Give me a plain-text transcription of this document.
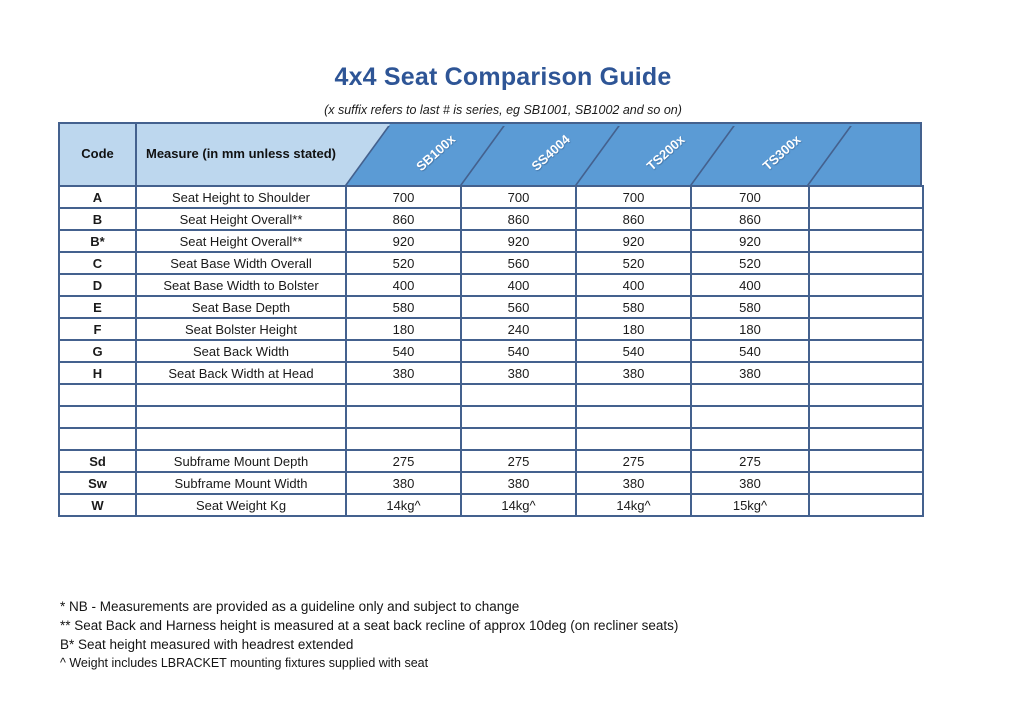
4x4 Seat Comparison Guide
(x suffix refers to last # is series, eg SB1001, SB1002 and so on)
Code	Measure (in mm unless stated)	SB100x	SS4004	TS200x	TS300x
A	Seat Height to Shoulder	700	700	700	700	
B	Seat Height Overall**	860	860	860	860	
B*	Seat Height Overall**	920	920	920	920	
C	Seat Base Width Overall	520	560	520	520	
D	Seat Base Width to Bolster	400	400	400	400	
E	Seat Base Depth	580	560	580	580	
F	Seat Bolster Height	180	240	180	180	
G	Seat Back Width	540	540	540	540	
H	Seat Back Width at Head	380	380	380	380	

Sd	Subframe Mount Depth	275	275	275	275	
Sw	Subframe Mount Width	380	380	380	380	
W	Seat Weight Kg	14kg^	14kg^	14kg^	15kg^	
* NB - Measurements are provided as a guideline only and subject to change
** Seat Back and Harness height is measured at a seat back recline of approx 10deg (on recliner seats)
B* Seat height measured with headrest extended
^ Weight includes LBRACKET mounting fixtures supplied with seat
